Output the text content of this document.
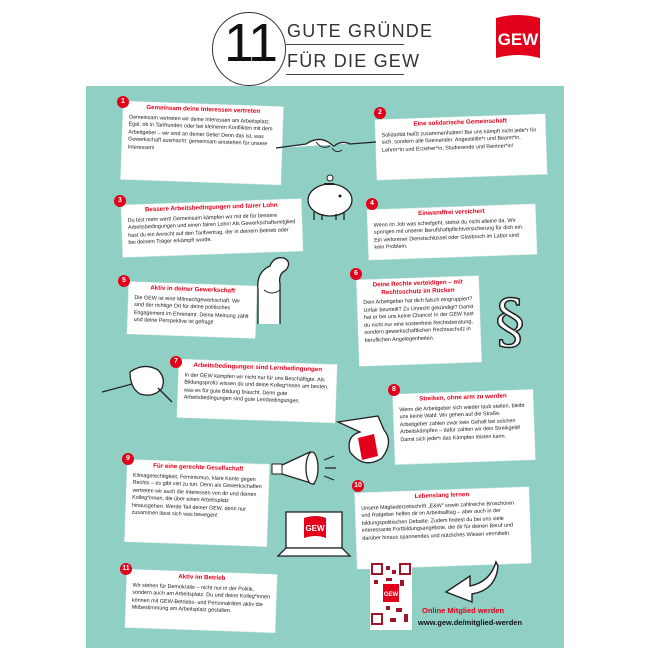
11 GUTE GRÜNDE
FÜR DIE GEW
GEW
Gemeinsam deine Interessen vertreten
Gemeinsam vertreten wir deine Interessen am Arbeitsplatz. Egal, ob in Tarifrunden oder bei kleineren Konflikten mit dem Arbeitgeber – wir sind an deiner Seite! Denn das ist, was Gewerkschaft ausmacht: gemeinsam einstehen für unsere Interessen!
1
Eine solidarische Gemeinschaft
Solidarität heißt zusammenhalten! Bei uns kämpft nicht jede*r für sich, sondern alle füreinander. Angestellte*r und Beamt*in, Lehrer*in und Erzieher*in, Studierende und Rentner*in!
2
Bessere Arbeitsbedingungen und fairer Lohn
Du bist mehr wert! Gemeinsam kämpfen wir mit dir für bessere Arbeitsbedingungen und einen fairen Lohn! Als Gewerkschaftsmitglied hast du ein Anrecht auf den Tarifvertrag, der in deinem Betrieb oder bei deinem Träger erkämpft wurde.
3
Einwandfrei versichert
Wenn im Job was schiefgeht, stehst du nicht alleine da. Wir springen mit unserer Berufshaftpflichtversicherung für dich ein. Ein verlorener Dienstschlüssel oder Glasbruch im Labor sind kein Problem.
4
Aktiv in deiner Gewerkschaft
Die GEW ist eine Mitmachgewerkschaft. Wir sind der richtige Ort für deine politisches Engagement im Ehrenamt. Deine Meinung zählt und deine Perspektive ist gefragt!
5	Deine Rechte verteidigen – mit Rechtsschutz im Rücken
Dein Arbeitgeber hat dich falsch eingruppiert? Unfair beurteilt? Zu Unrecht gekündigt? Damit hat er bei uns keine Chance! In der GEW hast du nicht nur eine kostenfreie Rechtsberatung, sondern gewerkschaftlichen Rechtsschutz in beruflichen Angelegenheiten.
6
§
Arbeitsbedingungen sind Lernbedingungen
In der GEW kämpfen wir nicht nur für uns Beschäftigte. Als Bildungsprofis wissen du und deine Kolleg*innen am besten, was es für gute Bildung braucht. Denn gute Arbeitsbedingungen sind gute Lernbedingungen.
7
Streiken, ohne arm zu werden
Wenn die Arbeitgeber sich wieder taub stellen, bleibt uns keine Wahl: Wir gehen auf die Straße. Arbeitgeber zahlen zwar kein Gehalt bei solchen Arbeitskämpfen – dafür zahlen wir dein Streikgeld! Damit sich jede*r das Kämpfen leisten kann.
8
Für eine gerechte Gesellschaft
Klimagerechtigkeit, Feminismus, klare Kante gegen Rechts – es gibt viel zu tun. Denn als Gewerkschaften vertreten wir auch die Interessen von dir und deinen Kolleg*innen, die über einen Arbeitsplatz hinausgehen. Werde Teil deiner GEW, denn nur zusammen lässt sich was bewegen!
9
Lebenslang lernen
Unsere Mitgliederzeitschrift „E&W“ sowie zahlreiche Broschüren und Ratgeber helfen dir im Arbeitsalltag – aber auch in der bildungspolitischen Debatte. Zudem findest du bei uns viele interessante Fortbildungsangebote, die dir für deinen Beruf und darüber hinaus spannendes und nützliches Wissen vermitteln.
10
GEW
Aktiv im Betrieb
Wir stehen für Demokratie – nicht nur in der Politik, sondern auch am Arbeitsplatz. Du und deine Kolleg*innen können mit GEW-Betriebs- und Personalräten aktiv die Mitbestimmung am Arbeitsplatz gestalten.
11
GEW
Online Mitglied werden
www.gew.de/mitglied-werden
